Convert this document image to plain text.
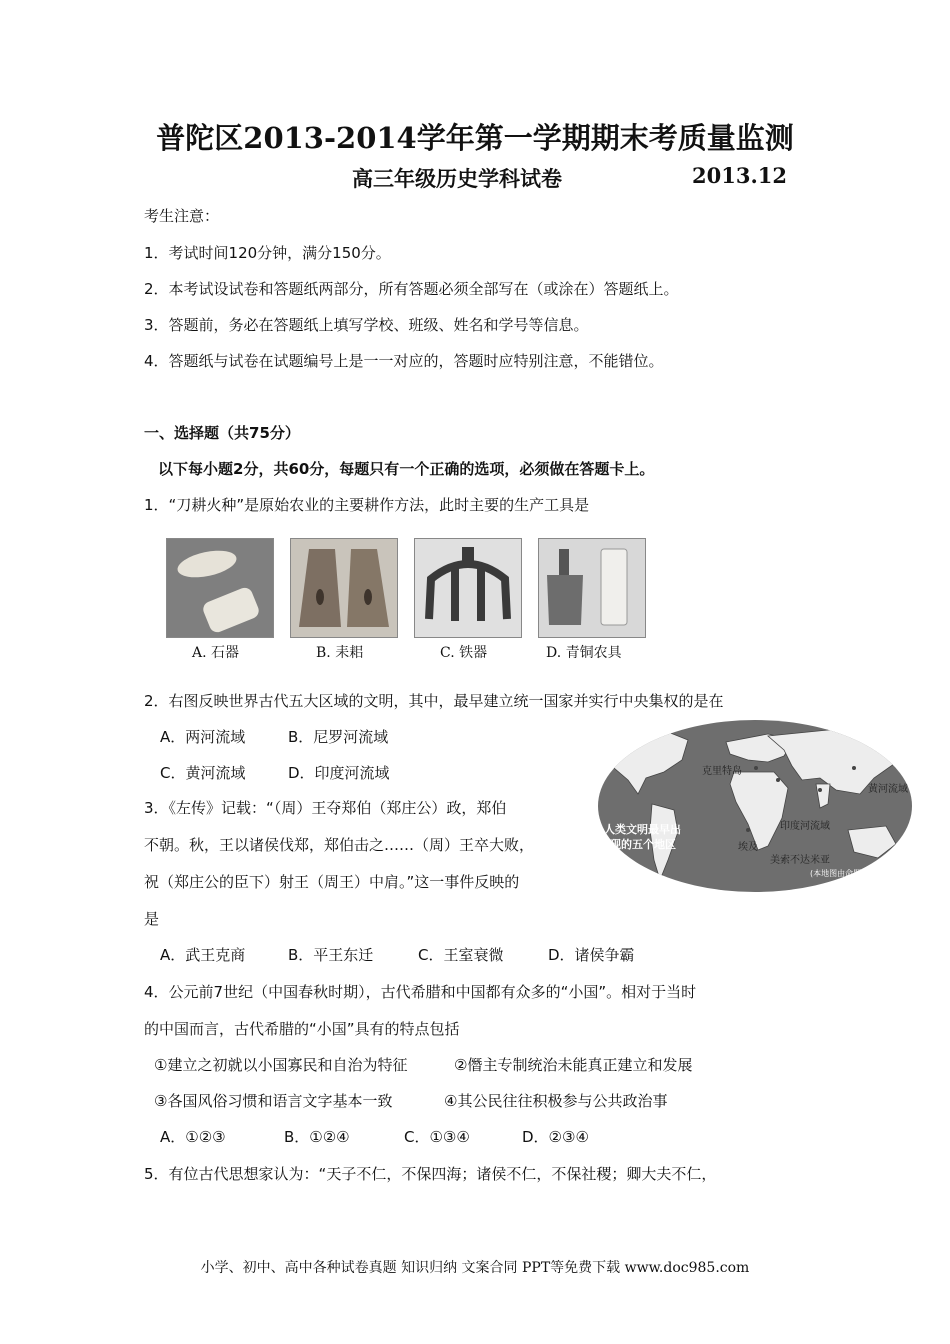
普陀区2013-2014学年第一学期期末考质量监测
高三年级历史学科试卷	2013.12
考生注意：
1．考试时间120分钟，满分150分。
2．本考试设试卷和答题纸两部分，所有答题必须全部写在（或涂在）答题纸上。
3．答题前，务必在答题纸上填写学校、班级、姓名和学号等信息。
4．答题纸与试卷在试题编号上是一一对应的，答题时应特别注意，不能错位。
一、选择题（共75分）
以下每小题2分，共60分，每题只有一个正确的选项，必须做在答题卡上。
1．“刀耕火种”是原始农业的主要耕作方法，此时主要的生产工具是
A. 石器	B. 耒耜	C. 铁器	D. 青铜农具
2．右图反映世界古代五大区域的文明，其中，最早建立统一国家并实行中央集权的是在
A．两河流域	B．尼罗河流域
C．黄河流域	D．印度河流域	克里特岛
黄河流域
印度河流域
埃及
美索不达米亚
人类文明最早出
现的五个地区
(本地图由命题制作)
3．《左传》记载：“（周）王夺郑伯（郑庄公）政，郑伯
不朝。秋，王以诸侯伐郑，郑伯击之……（周）王卒大败，
祝（郑庄公的臣下）射王（周王）中肩。”这一事件反映的
是
A．武王克商	B．平王东迁	C．王室衰微	D．诸侯争霸
4．公元前7世纪（中国春秋时期），古代希腊和中国都有众多的“小国”。相对于当时
的中国而言，古代希腊的“小国”具有的特点包括
①建立之初就以小国寡民和自治为特征	②僭主专制统治未能真正建立和发展
③各国风俗习惯和语言文字基本一致	④其公民往往积极参与公共政治事
A．①②③	B．①②④	C．①③④	D．②③④
5．有位古代思想家认为：“天子不仁，不保四海；诸侯不仁，不保社稷；卿大夫不仁，
小学、初中、高中各种试卷真题 知识归纳 文案合同 PPT等免费下载 www.doc985.com
